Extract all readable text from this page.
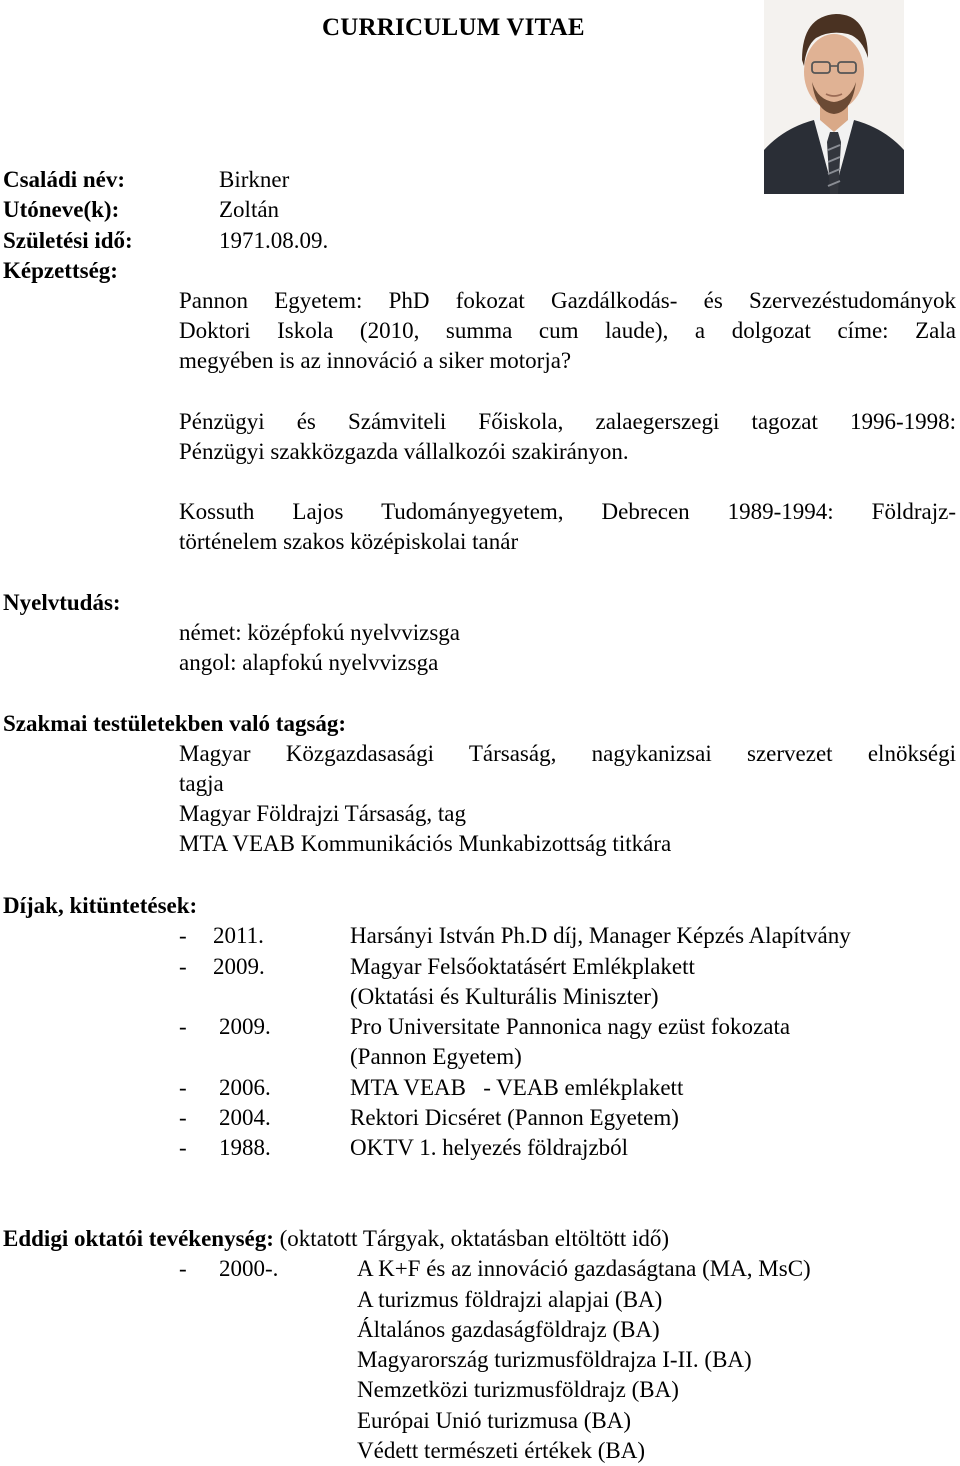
CURRICULUM VITAE
Családi név:	Birkner
Utóneve(k):	Zoltán
Születési idő:	1971.08.09.
Képzettség:
Pannon Egyetem: PhD fokozat Gazdálkodás- és Szervezéstudományok
Doktori Iskola (2010, summa cum laude), a dolgozat címe: Zala
megyében is az innováció a siker motorja?
Pénzügyi és Számviteli Főiskola, zalaegerszegi tagozat 1996-1998:
Pénzügyi szakközgazda vállalkozói szakirányon.
Kossuth Lajos Tudományegyetem, Debrecen 1989-1994: Földrajz-
történelem szakos középiskolai tanár
Nyelvtudás:
német: középfokú nyelvvizsga
angol: alapfokú nyelvvizsga
Szakmai testületekben való tagság:
Magyar Közgazdasasági Társaság, nagykanizsai szervezet elnökségi
tagja
Magyar Földrajzi Társaság, tag
MTA VEAB Kommunikációs Munkabizottság titkára
Díjak, kitüntetések:
- 2011.	Harsányi István Ph.D díj, Manager Képzés Alapítvány
- 2009.	Magyar Felsőoktatásért Emlékplakett
(Oktatási és Kulturális Miniszter)
- 2009.	Pro Universitate Pannonica nagy ezüst fokozata
(Pannon Egyetem)
- 2006.	MTA VEAB   - VEAB emlékplakett
- 2004.	Rektori Dicséret (Pannon Egyetem)
- 1988.	OKTV 1. helyezés földrajzból
Eddigi oktatói tevékenység: (oktatott Tárgyak, oktatásban eltöltött idő)
- 2000-.	A K+F és az innováció gazdaságtana (MA, MsC)
A turizmus földrajzi alapjai (BA)
Általános gazdaságföldrajz (BA)
Magyarország turizmusföldrajza I-II. (BA)
Nemzetközi turizmusföldrajz (BA)
Európai Unió turizmusa (BA)
Védett természeti értékek (BA)
